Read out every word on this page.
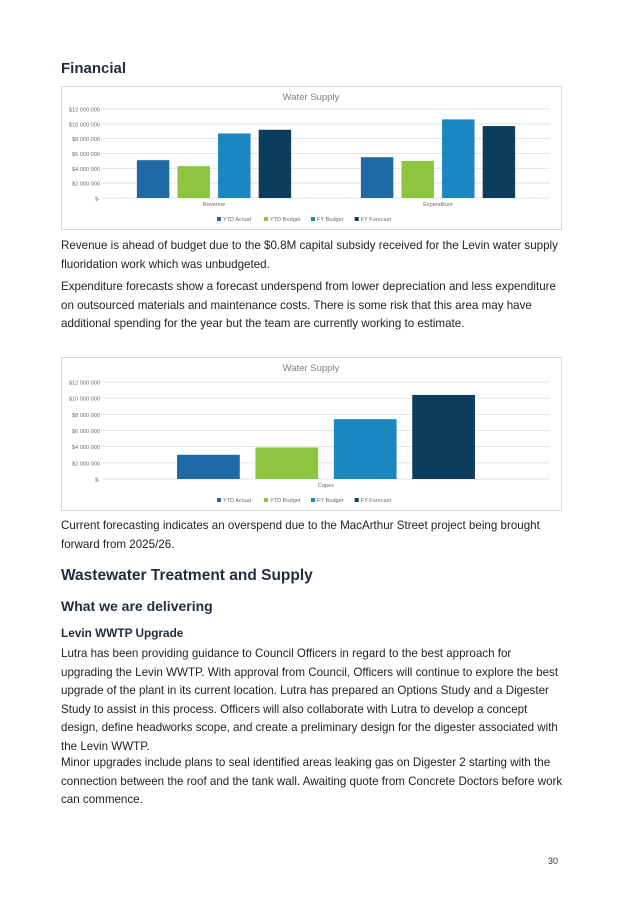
Financial
Water Supply
$-
$2 000 000
$4 000 000
$6 000 000
$8 000 000
$10 000 000
$12 000 000
Revenue	Expenditure
YTD Actual	YTD Budget	FY Budget	FY Forecast

Revenue is ahead of budget due to the $0.8M capital subsidy received for the Levin water supply fluoridation work which was unbudgeted.

Expenditure forecasts show a forecast underspend from lower depreciation and less expenditure on outsourced materials and maintenance costs. There is some risk that this area may have additional spending for the year but the team are currently working to estimate.

Water Supply
$-
$2 000 000
$4 000 000
$6 000 000
$8 000 000
$10 000 000
$12 000 000
Capex
YTD Actual	YTD Budget	FY Budget	FY Forecast

Current forecasting indicates an overspend due to the MacArthur Street project being brought forward from 2025/26.

Wastewater Treatment and Supply
What we are delivering
Levin WWTP Upgrade

Lutra has been providing guidance to Council Officers in regard to the best approach for upgrading the Levin WWTP. With approval from Council, Officers will continue to explore the best upgrade of the plant in its current location. Lutra has prepared an Options Study and a Digester Study to assist in this process. Officers will also collaborate with Lutra to develop a concept design, define headworks scope, and create a preliminary design for the digester associated with the Levin WWTP.

Minor upgrades include plans to seal identified areas leaking gas on Digester 2 starting with the connection between the roof and the tank wall. Awaiting quote from Concrete Doctors before work can commence.

30
